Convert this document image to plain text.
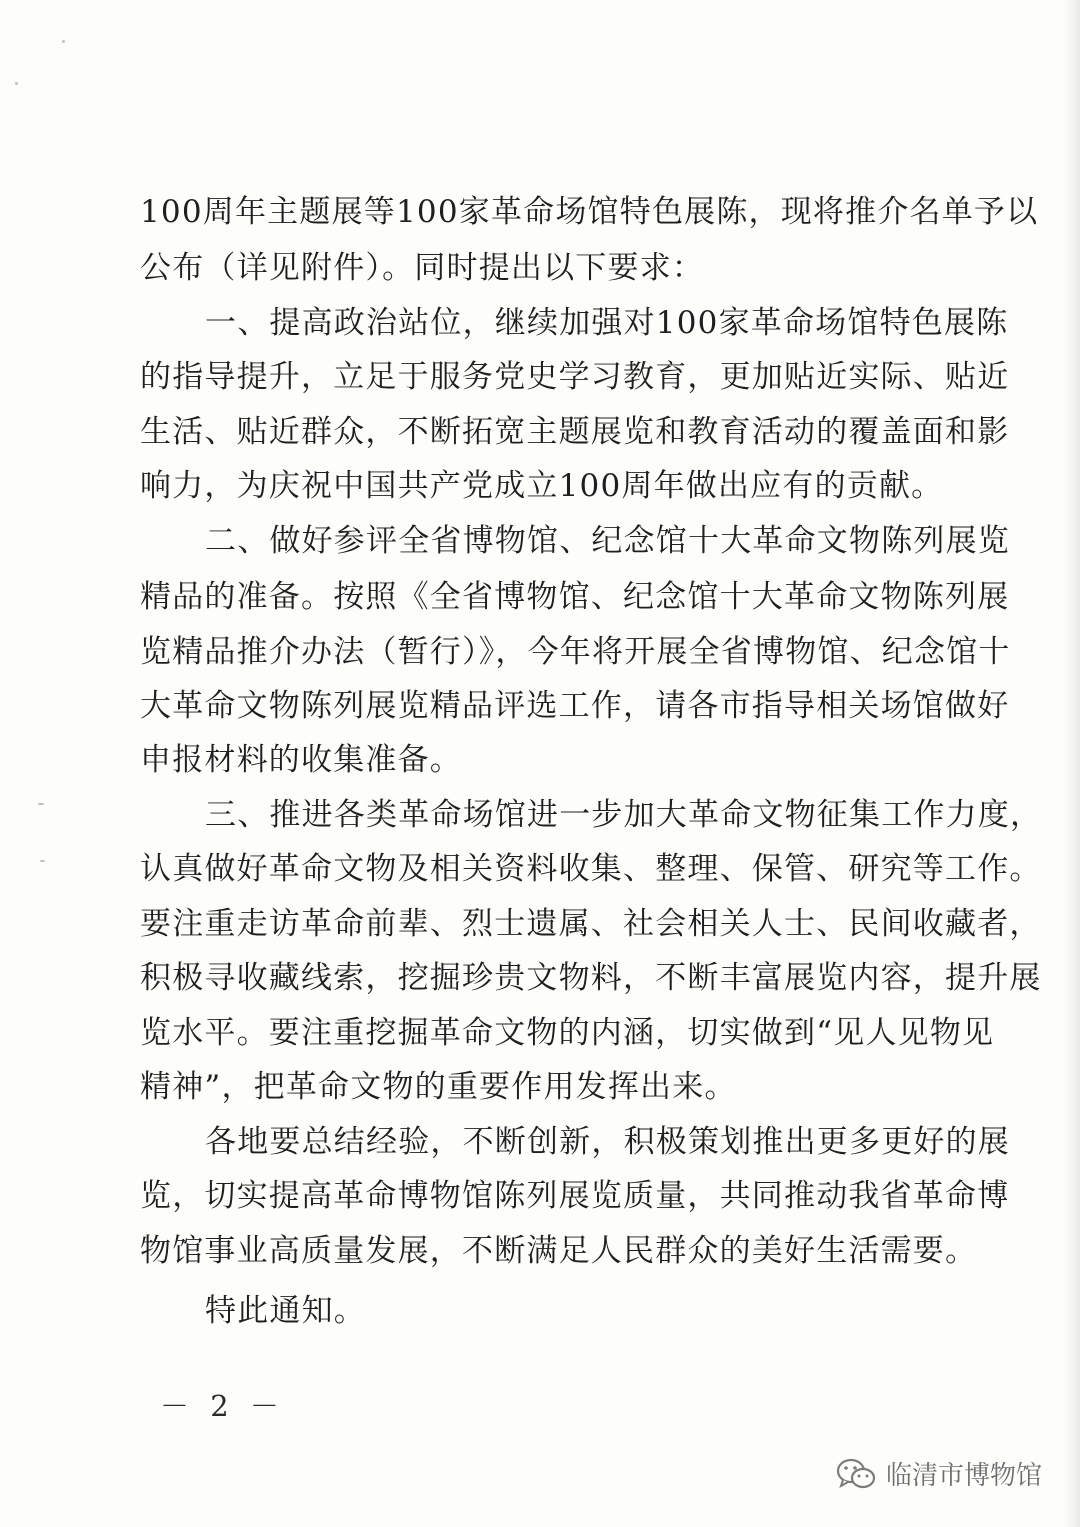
100周年主题展等100家革命场馆特色展陈，现将推介名单予以
公布（详见附件）。同时提出以下要求：
一、提高政治站位，继续加强对100家革命场馆特色展陈
的指导提升，立足于服务党史学习教育，更加贴近实际、贴近
生活、贴近群众，不断拓宽主题展览和教育活动的覆盖面和影
响力，为庆祝中国共产党成立100周年做出应有的贡献。
二、做好参评全省博物馆、纪念馆十大革命文物陈列展览
精品的准备。按照《全省博物馆、纪念馆十大革命文物陈列展
览精品推介办法（暂行）》，今年将开展全省博物馆、纪念馆十
大革命文物陈列展览精品评选工作，请各市指导相关场馆做好
申报材料的收集准备。
三、推进各类革命场馆进一步加大革命文物征集工作力度，
认真做好革命文物及相关资料收集、整理、保管、研究等工作。
要注重走访革命前辈、烈士遗属、社会相关人士、民间收藏者，
积极寻收藏线索，挖掘珍贵文物料，不断丰富展览内容，提升展
览水平。要注重挖掘革命文物的内涵，切实做到“见人见物见
精神”，把革命文物的重要作用发挥出来。
各地要总结经验，不断创新，积极策划推出更多更好的展
览，切实提高革命博物馆陈列展览质量，共同推动我省革命博
物馆事业高质量发展，不断满足人民群众的美好生活需要。
特此通知。
－ 2 －
临清市博物馆
